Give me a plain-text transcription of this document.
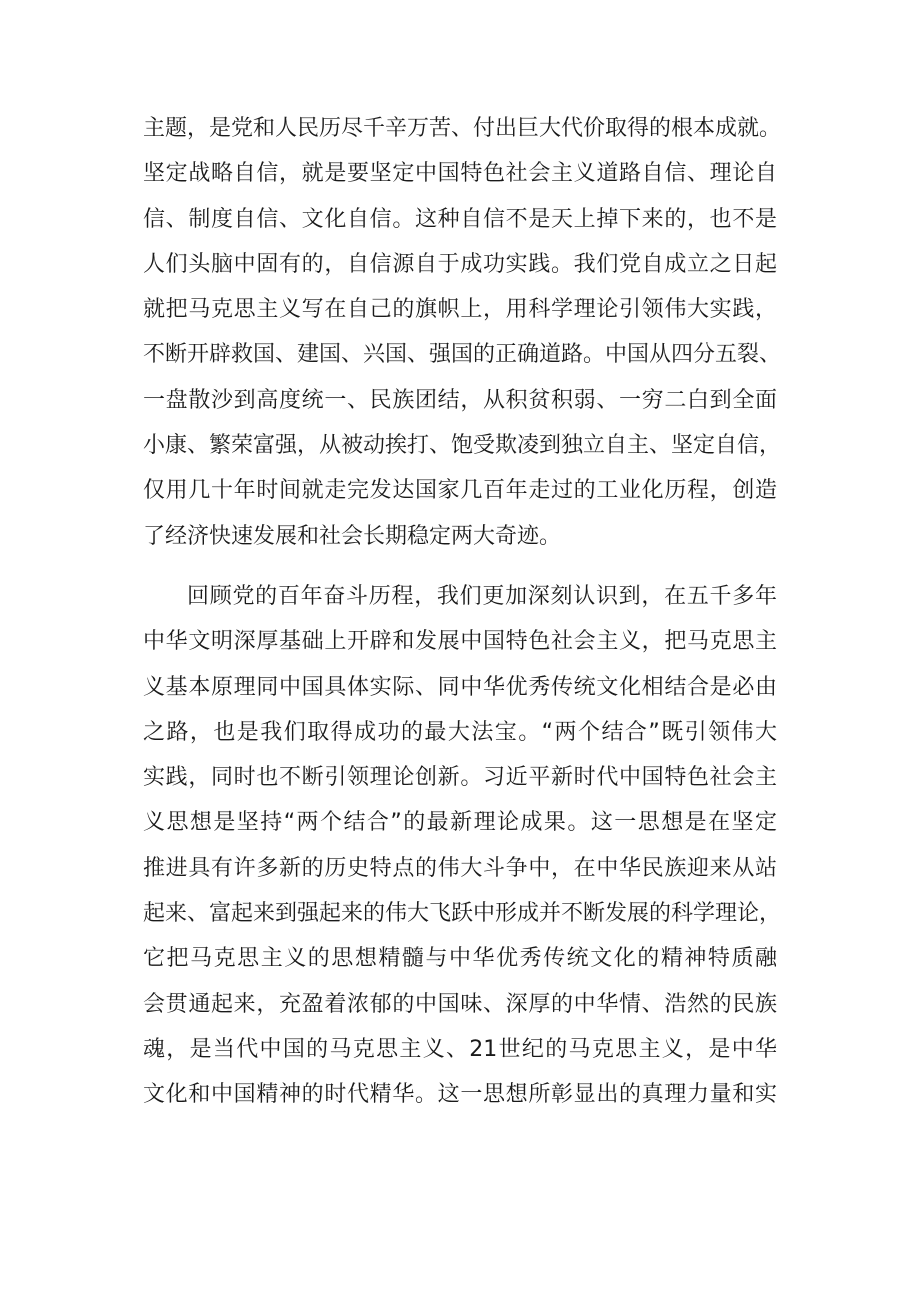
主题，是党和人民历尽千辛万苦、付出巨大代价取得的根本成就。
坚定战略自信，就是要坚定中国特色社会主义道路自信、理论自
信、制度自信、文化自信。这种自信不是天上掉下来的，也不是
人们头脑中固有的，自信源自于成功实践。我们党自成立之日起
就把马克思主义写在自己的旗帜上，用科学理论引领伟大实践，
不断开辟救国、建国、兴国、强国的正确道路。中国从四分五裂、
一盘散沙到高度统一、民族团结，从积贫积弱、一穷二白到全面
小康、繁荣富强，从被动挨打、饱受欺凌到独立自主、坚定自信，
仅用几十年时间就走完发达国家几百年走过的工业化历程，创造
了经济快速发展和社会长期稳定两大奇迹。
回顾党的百年奋斗历程，我们更加深刻认识到，在五千多年
中华文明深厚基础上开辟和发展中国特色社会主义，把马克思主
义基本原理同中国具体实际、同中华优秀传统文化相结合是必由
之路，也是我们取得成功的最大法宝。“两个结合”既引领伟大
实践，同时也不断引领理论创新。习近平新时代中国特色社会主
义思想是坚持“两个结合”的最新理论成果。这一思想是在坚定
推进具有许多新的历史特点的伟大斗争中，在中华民族迎来从站
起来、富起来到强起来的伟大飞跃中形成并不断发展的科学理论，
它把马克思主义的思想精髓与中华优秀传统文化的精神特质融
会贯通起来，充盈着浓郁的中国味、深厚的中华情、浩然的民族
魂，是当代中国的马克思主义、21世纪的马克思主义，是中华
文化和中国精神的时代精华。这一思想所彰显出的真理力量和实
